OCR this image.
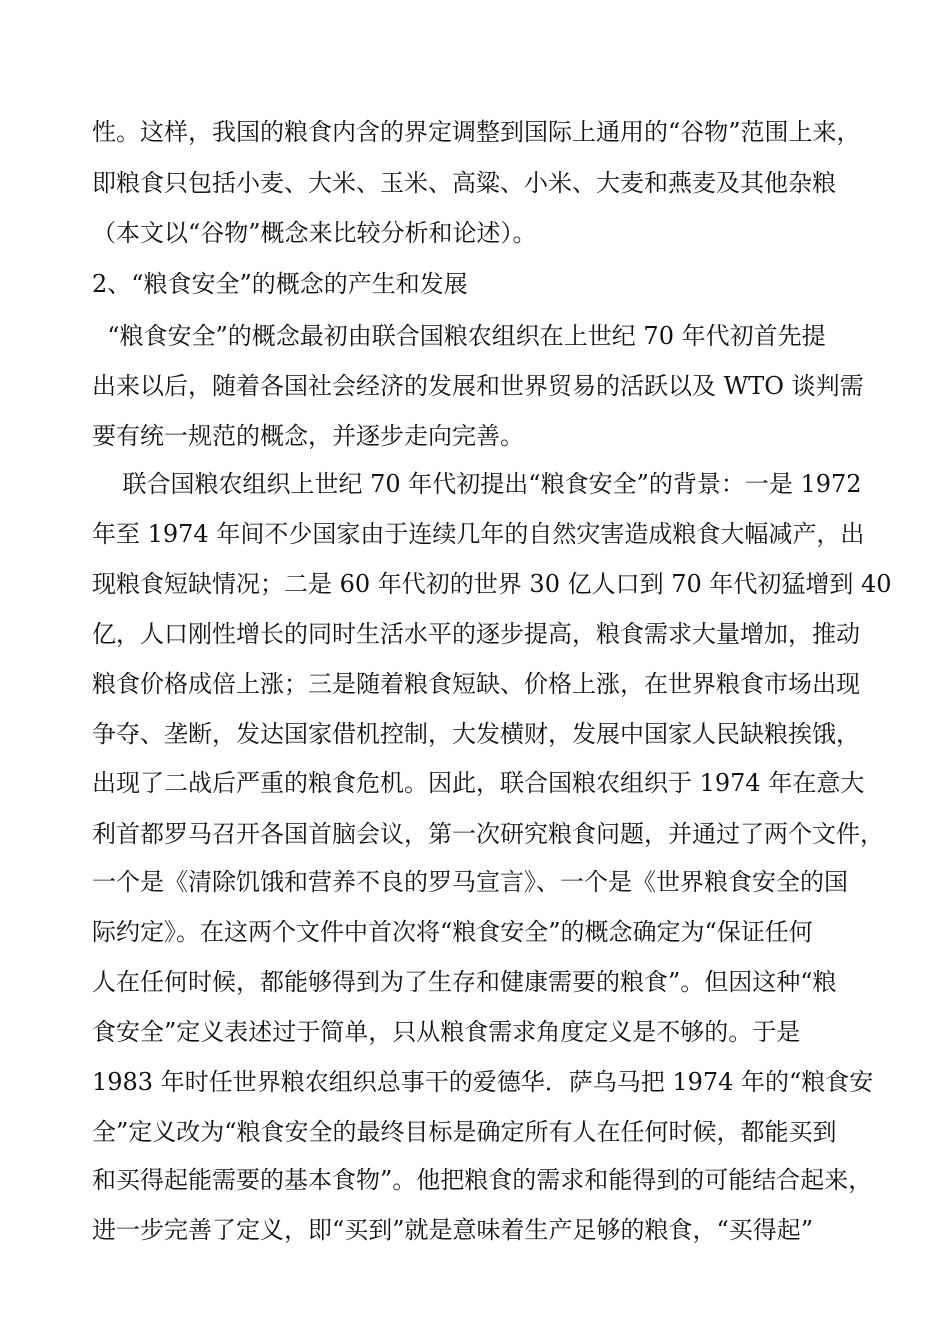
性。这样，我国的粮食内含的界定调整到国际上通用的“谷物”范围上来，
即粮食只包括小麦、大米、玉米、高粱、小米、大麦和燕麦及其他杂粮
（本文以“谷物”概念来比较分析和论述）。
2、“粮食安全”的概念的产生和发展
“粮食安全”的概念最初由联合国粮农组织在上世纪 70 年代初首先提
出来以后，随着各国社会经济的发展和世界贸易的活跃以及 WTO 谈判需
要有统一规范的概念，并逐步走向完善。
联合国粮农组织上世纪 70 年代初提出“粮食安全”的背景：一是 1972
年至 1974 年间不少国家由于连续几年的自然灾害造成粮食大幅减产，出
现粮食短缺情况；二是 60 年代初的世界 30 亿人口到 70 年代初猛增到 40
亿，人口刚性增长的同时生活水平的逐步提高，粮食需求大量增加，推动
粮食价格成倍上涨；三是随着粮食短缺、价格上涨，在世界粮食市场出现
争夺、垄断，发达国家借机控制，大发横财，发展中国家人民缺粮挨饿，
出现了二战后严重的粮食危机。因此，联合国粮农组织于 1974 年在意大
利首都罗马召开各国首脑会议，第一次研究粮食问题，并通过了两个文件，
一个是《清除饥饿和营养不良的罗马宣言》、一个是《世界粮食安全的国
际约定》。在这两个文件中首次将“粮食安全”的概念确定为“保证任何
人在任何时候，都能够得到为了生存和健康需要的粮食”。但因这种“粮
食安全”定义表述过于简单，只从粮食需求角度定义是不够的。于是
1983 年时任世界粮农组织总事干的爱德华．萨乌马把 1974 年的“粮食安
全”定义改为“粮食安全的最终目标是确定所有人在任何时候，都能买到
和买得起能需要的基本食物”。他把粮食的需求和能得到的可能结合起来，
进一步完善了定义，即“买到”就是意味着生产足够的粮食，“买得起”
